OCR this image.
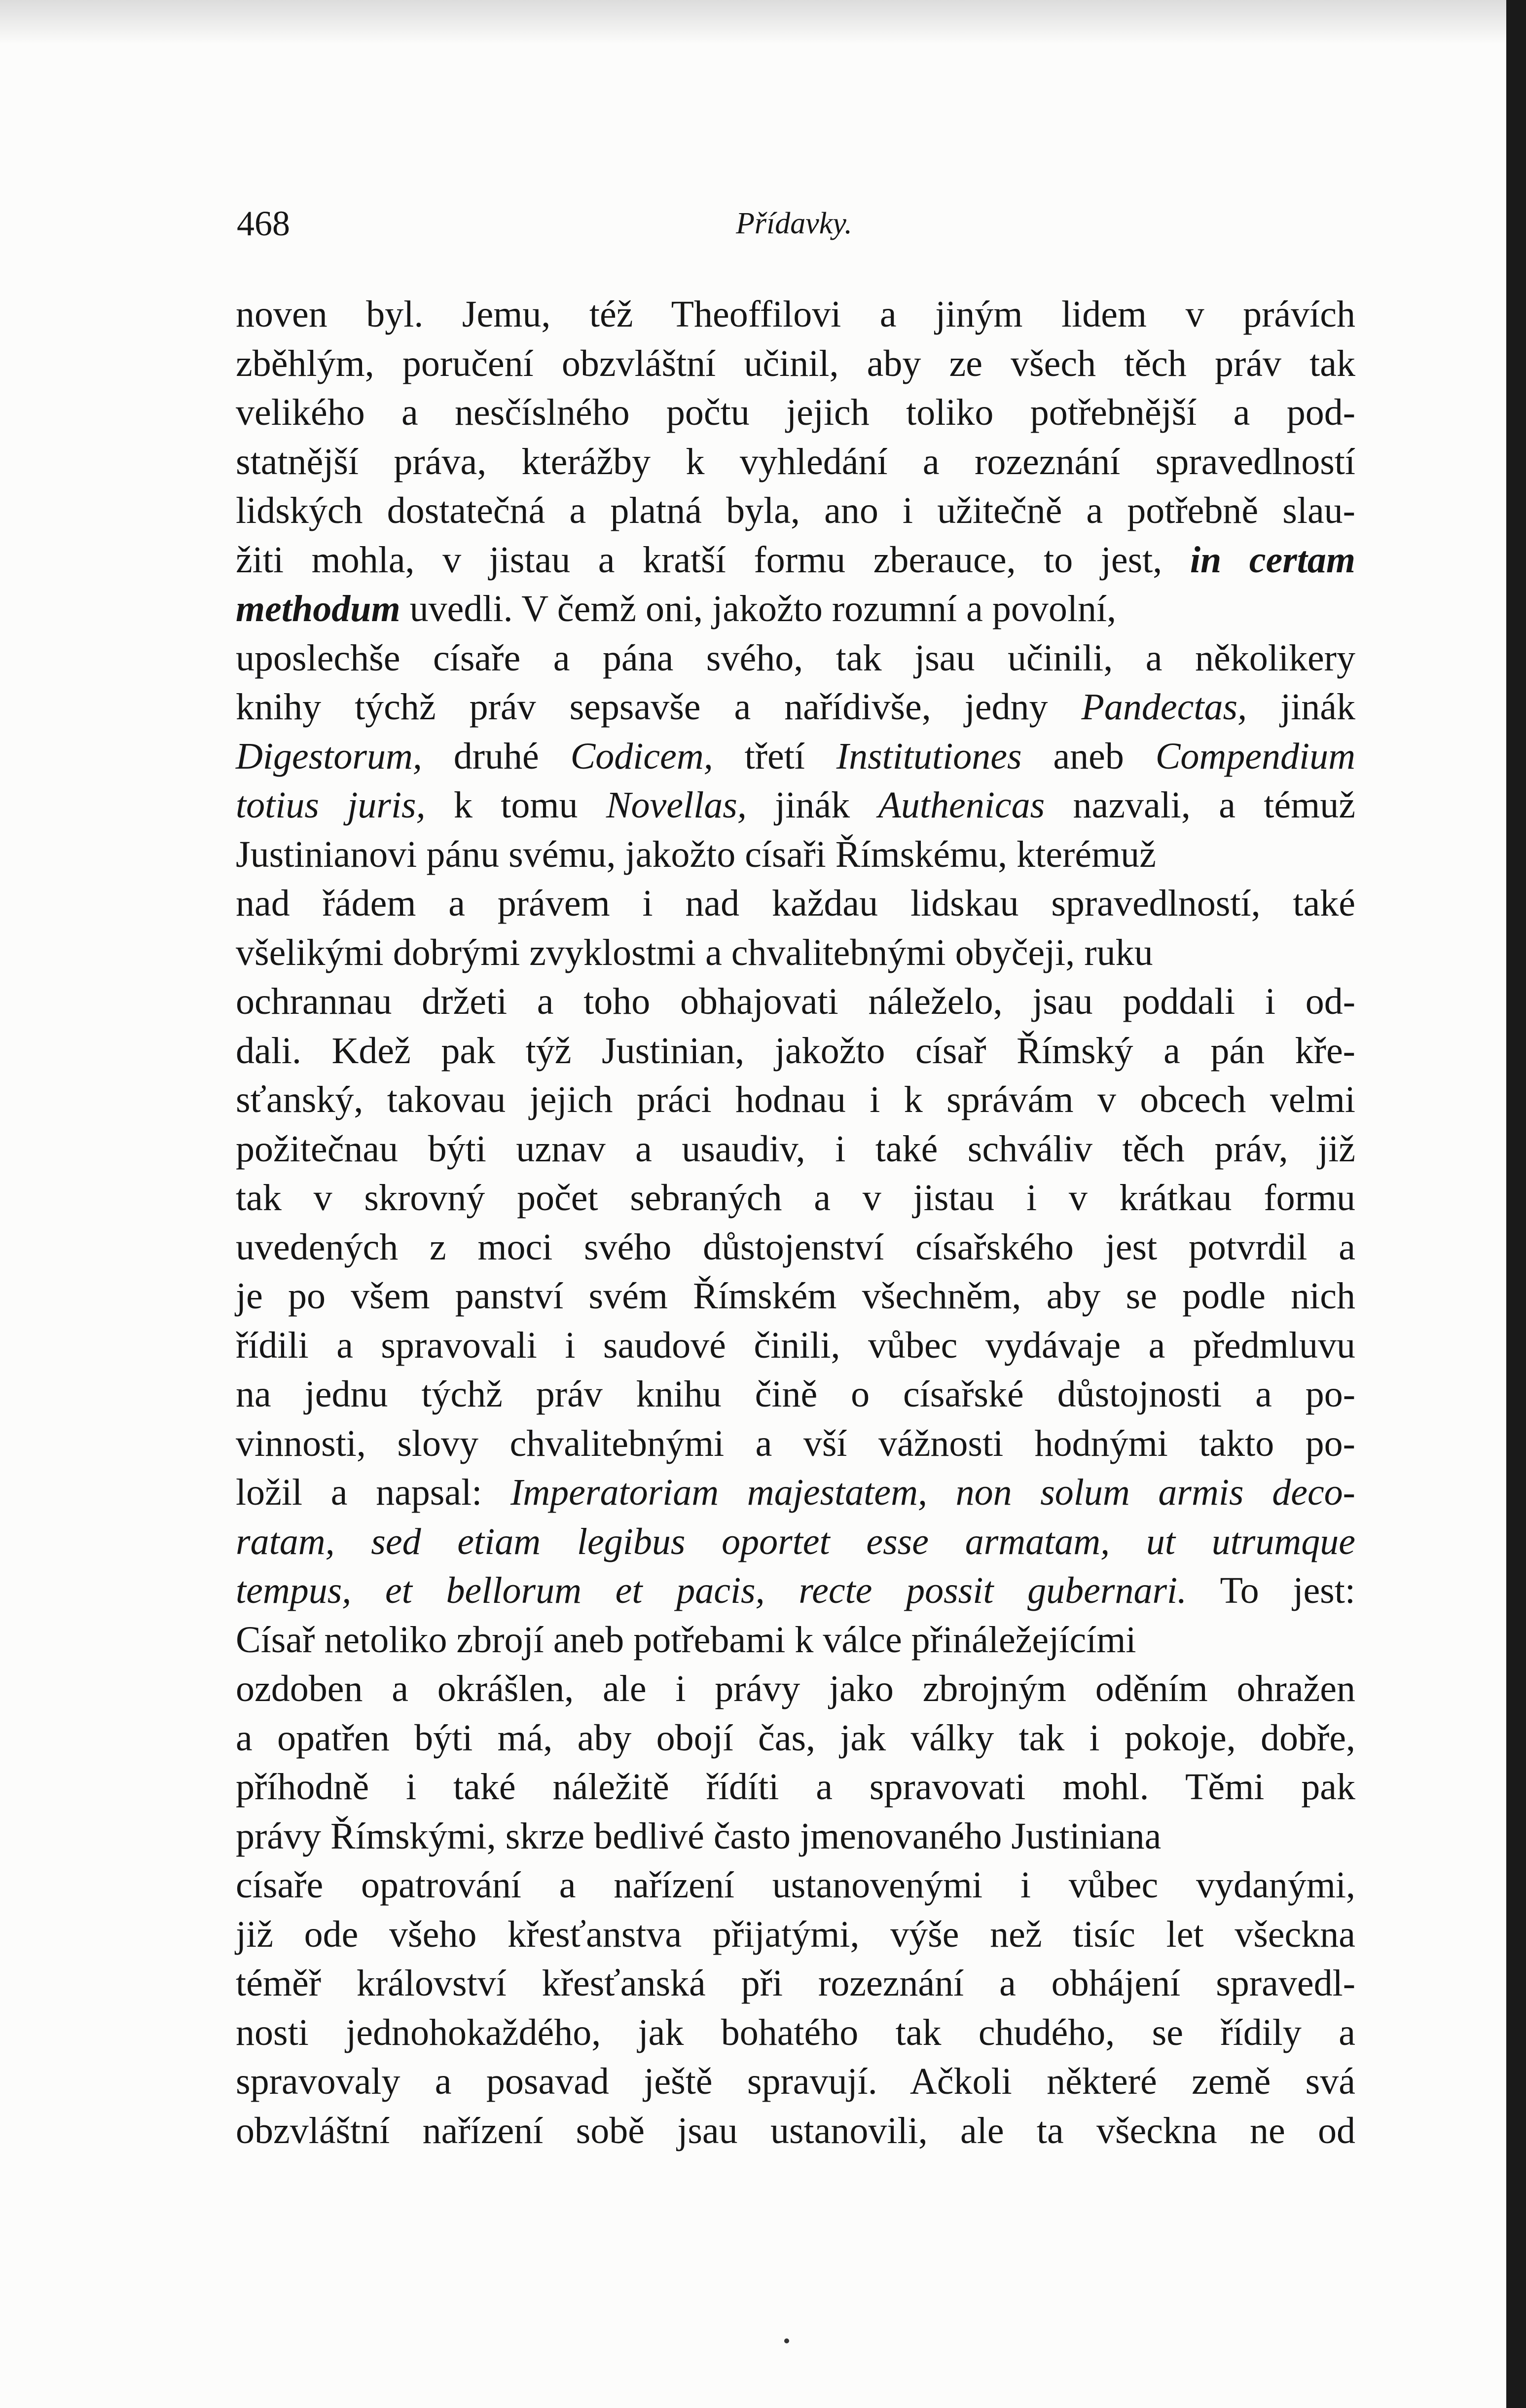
468	Přídavky.
noven byl. Jemu, též Theoffilovi a jiným lidem v právích
zběhlým, poručení obzvláštní učinil, aby ze všech těch práv tak
velikého a nesčíslného počtu jejich toliko potřebnější a pod-
statnější práva, kterážby k vyhledání a rozeznání spravedlností
lidských dostatečná a platná byla, ano i užitečně a potřebně slau-
žiti mohla, v jistau a kratší formu zberauce, to jest, in certam
methodum uvedli. V čemž oni, jakožto rozumní a povolní,
uposlechše císaře a pána svého, tak jsau učinili, a několikery
knihy týchž práv sepsavše a nařídivše, jedny Pandectas, jinák
Digestorum, druhé Codicem, třetí Institutiones aneb Compendium
totius juris, k tomu Novellas, jinák Authenicas nazvali, a témuž
Justinianovi pánu svému, jakožto císaři Římskému, kterémuž
nad řádem a právem i nad každau lidskau spravedlností, také
všelikými dobrými zvyklostmi a chvalitebnými obyčeji, ruku
ochrannau držeti a toho obhajovati náleželo, jsau poddali i od-
dali. Kdež pak týž Justinian, jakožto císař Římský a pán kře-
sťanský, takovau jejich práci hodnau i k správám v obcech velmi
požitečnau býti uznav a usaudiv, i také schváliv těch práv, již
tak v skrovný počet sebraných a v jistau i v krátkau formu
uvedených z moci svého důstojenství císařského jest potvrdil a
je po všem panství svém Římském všechněm, aby se podle nich
řídili a spravovali i saudové činili, vůbec vydávaje a předmluvu
na jednu týchž práv knihu čině o císařské důstojnosti a po-
vinnosti, slovy chvalitebnými a vší vážnosti hodnými takto po-
ložil a napsal: Imperatoriam majestatem, non solum armis deco-
ratam, sed etiam legibus oportet esse armatam, ut utrumque
tempus, et bellorum et pacis, recte possit gubernari. To jest:
Císař netoliko zbrojí aneb potřebami k válce přináležejícími
ozdoben a okrášlen, ale i právy jako zbrojným oděním ohražen
a opatřen býti má, aby obojí čas, jak války tak i pokoje, dobře,
příhodně i také náležitě řídíti a spravovati mohl. Těmi pak
právy Římskými, skrze bedlivé často jmenovaného Justiniana
císaře opatrování a nařízení ustanovenými i vůbec vydanými,
již ode všeho křesťanstva přijatými, výše než tisíc let všeckna
téměř království křesťanská při rozeznání a obhájení spravedl-
nosti jednohokaždého, jak bohatého tak chudého, se řídily a
spravovaly a posavad ještě spravují. Ačkoli některé země svá
obzvláštní nařízení sobě jsau ustanovili, ale ta všeckna ne od
